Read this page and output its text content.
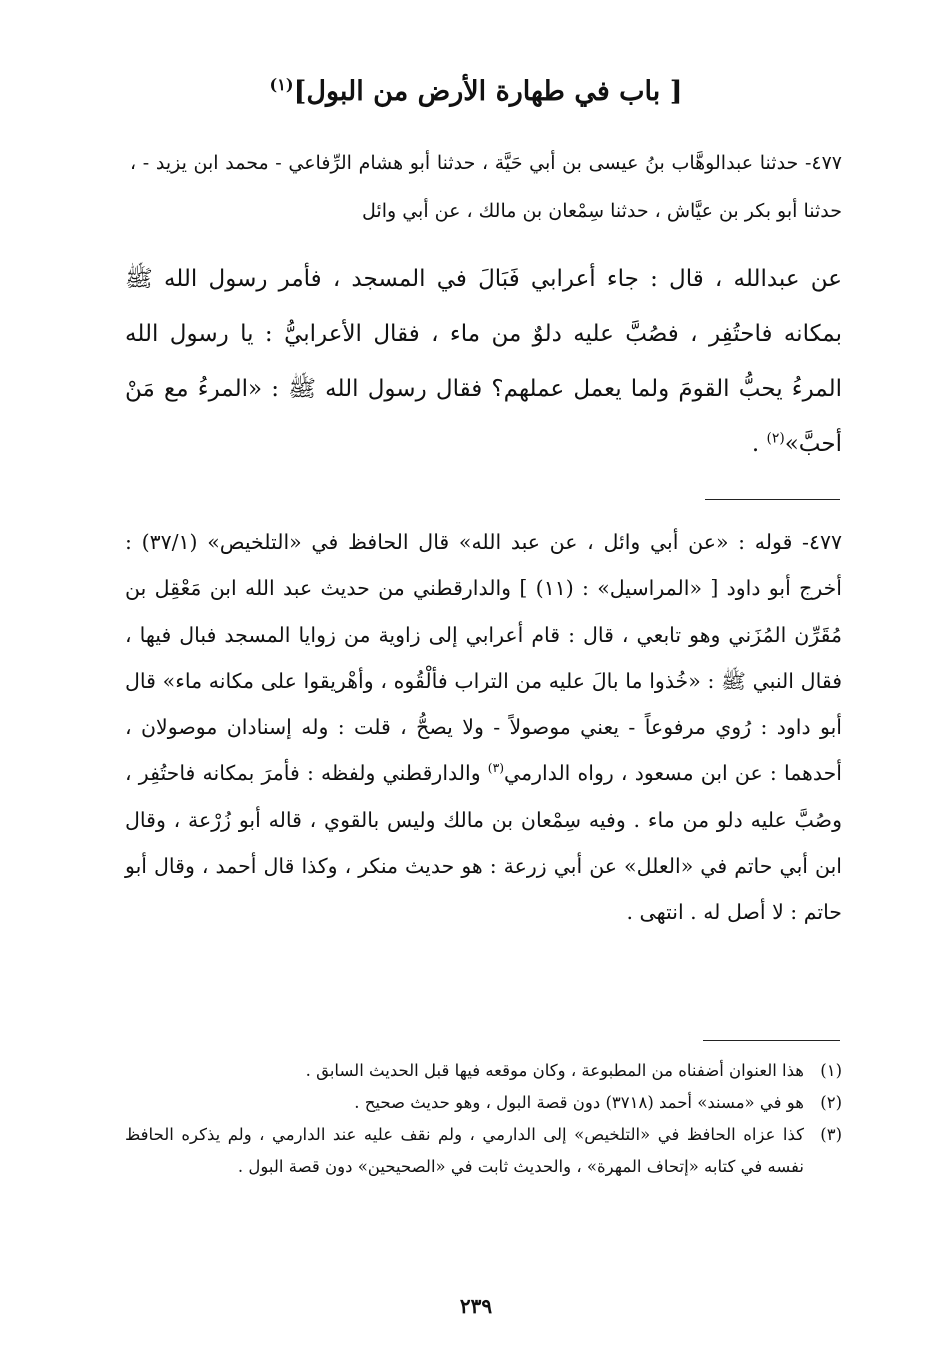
[ باب في طهارة الأرض من البول]$^{(١)}$
٤٧٧- حدثنا عبدالوهَّاب بنُ عيسى بن أبي حَيَّة ، حدثنا أبو هشام الرِّفاعي - محمد ابن يزيد - ، حدثنا أبو بكر بن عيَّاش ، حدثنا سِمْعان بن مالك ، عن أبي وائل
عن عبدالله ، قال : جاء أعرابي فَبَالَ في المسجد ، فأمر رسول الله ﷺ بمكانه فاحتُفِر ، فصُبَّ عليه دلوٌ من ماء ، فقال الأعرابيُّ : يا رسول الله المرءُ يحبُّ القومَ ولما يعمل عملهم؟ فقال رسول الله ﷺ : «المرءُ مع مَنْ أحبَّ»$^{(٢)}$ .
٤٧٧- قوله : «عن أبي وائل ، عن عبد الله» قال الحافظ في «التلخيص» (٣٧/١) : أخرج أبو داود [ «المراسيل» : (١١) ] والدارقطني من حديث عبد الله ابن مَعْقِل بن مُقَرِّن المُزَني وهو تابعي ، قال : قام أعرابي إلى زاوية من زوايا المسجد فبال فيها ، فقال النبي ﷺ : «خُذوا ما بالَ عليه من التراب فألْقُوه ، وأهْريقوا على مكانه ماء» قال أبو داود : رُوي مرفوعاً - يعني موصولاً - ولا يصحُّ ، قلت : وله إسنادان موصولان ، أحدهما : عن ابن مسعود ، رواه الدارمي$^{(٣)}$ والدارقطني ولفظه : فأمرَ بمكانه فاحتُفِر ، وصُبَّ عليه دلو من ماء . وفيه سِمْعان بن مالك وليس بالقوي ، قاله أبو زُرْعة ، وقال ابن أبي حاتم في «العلل» عن أبي زرعة : هو حديث منكر ، وكذا قال أحمد ، وقال أبو حاتم : لا أصل له . انتهى .
(١)
هذا العنوان أضفناه من المطبوعة ، وكان موقعه فيها قبل الحديث السابق .
(٢)
هو في «مسند» أحمد (٣٧١٨) دون قصة البول ، وهو حديث صحيح .
(٣)
كذا عزاه الحافظ في «التلخيص» إلى الدارمي ، ولم نقف عليه عند الدارمي ، ولم يذكره الحافظ نفسه في كتابه «إتحاف المهرة» ، والحديث ثابت في «الصحيحين» دون قصة البول .
٢٣٩
